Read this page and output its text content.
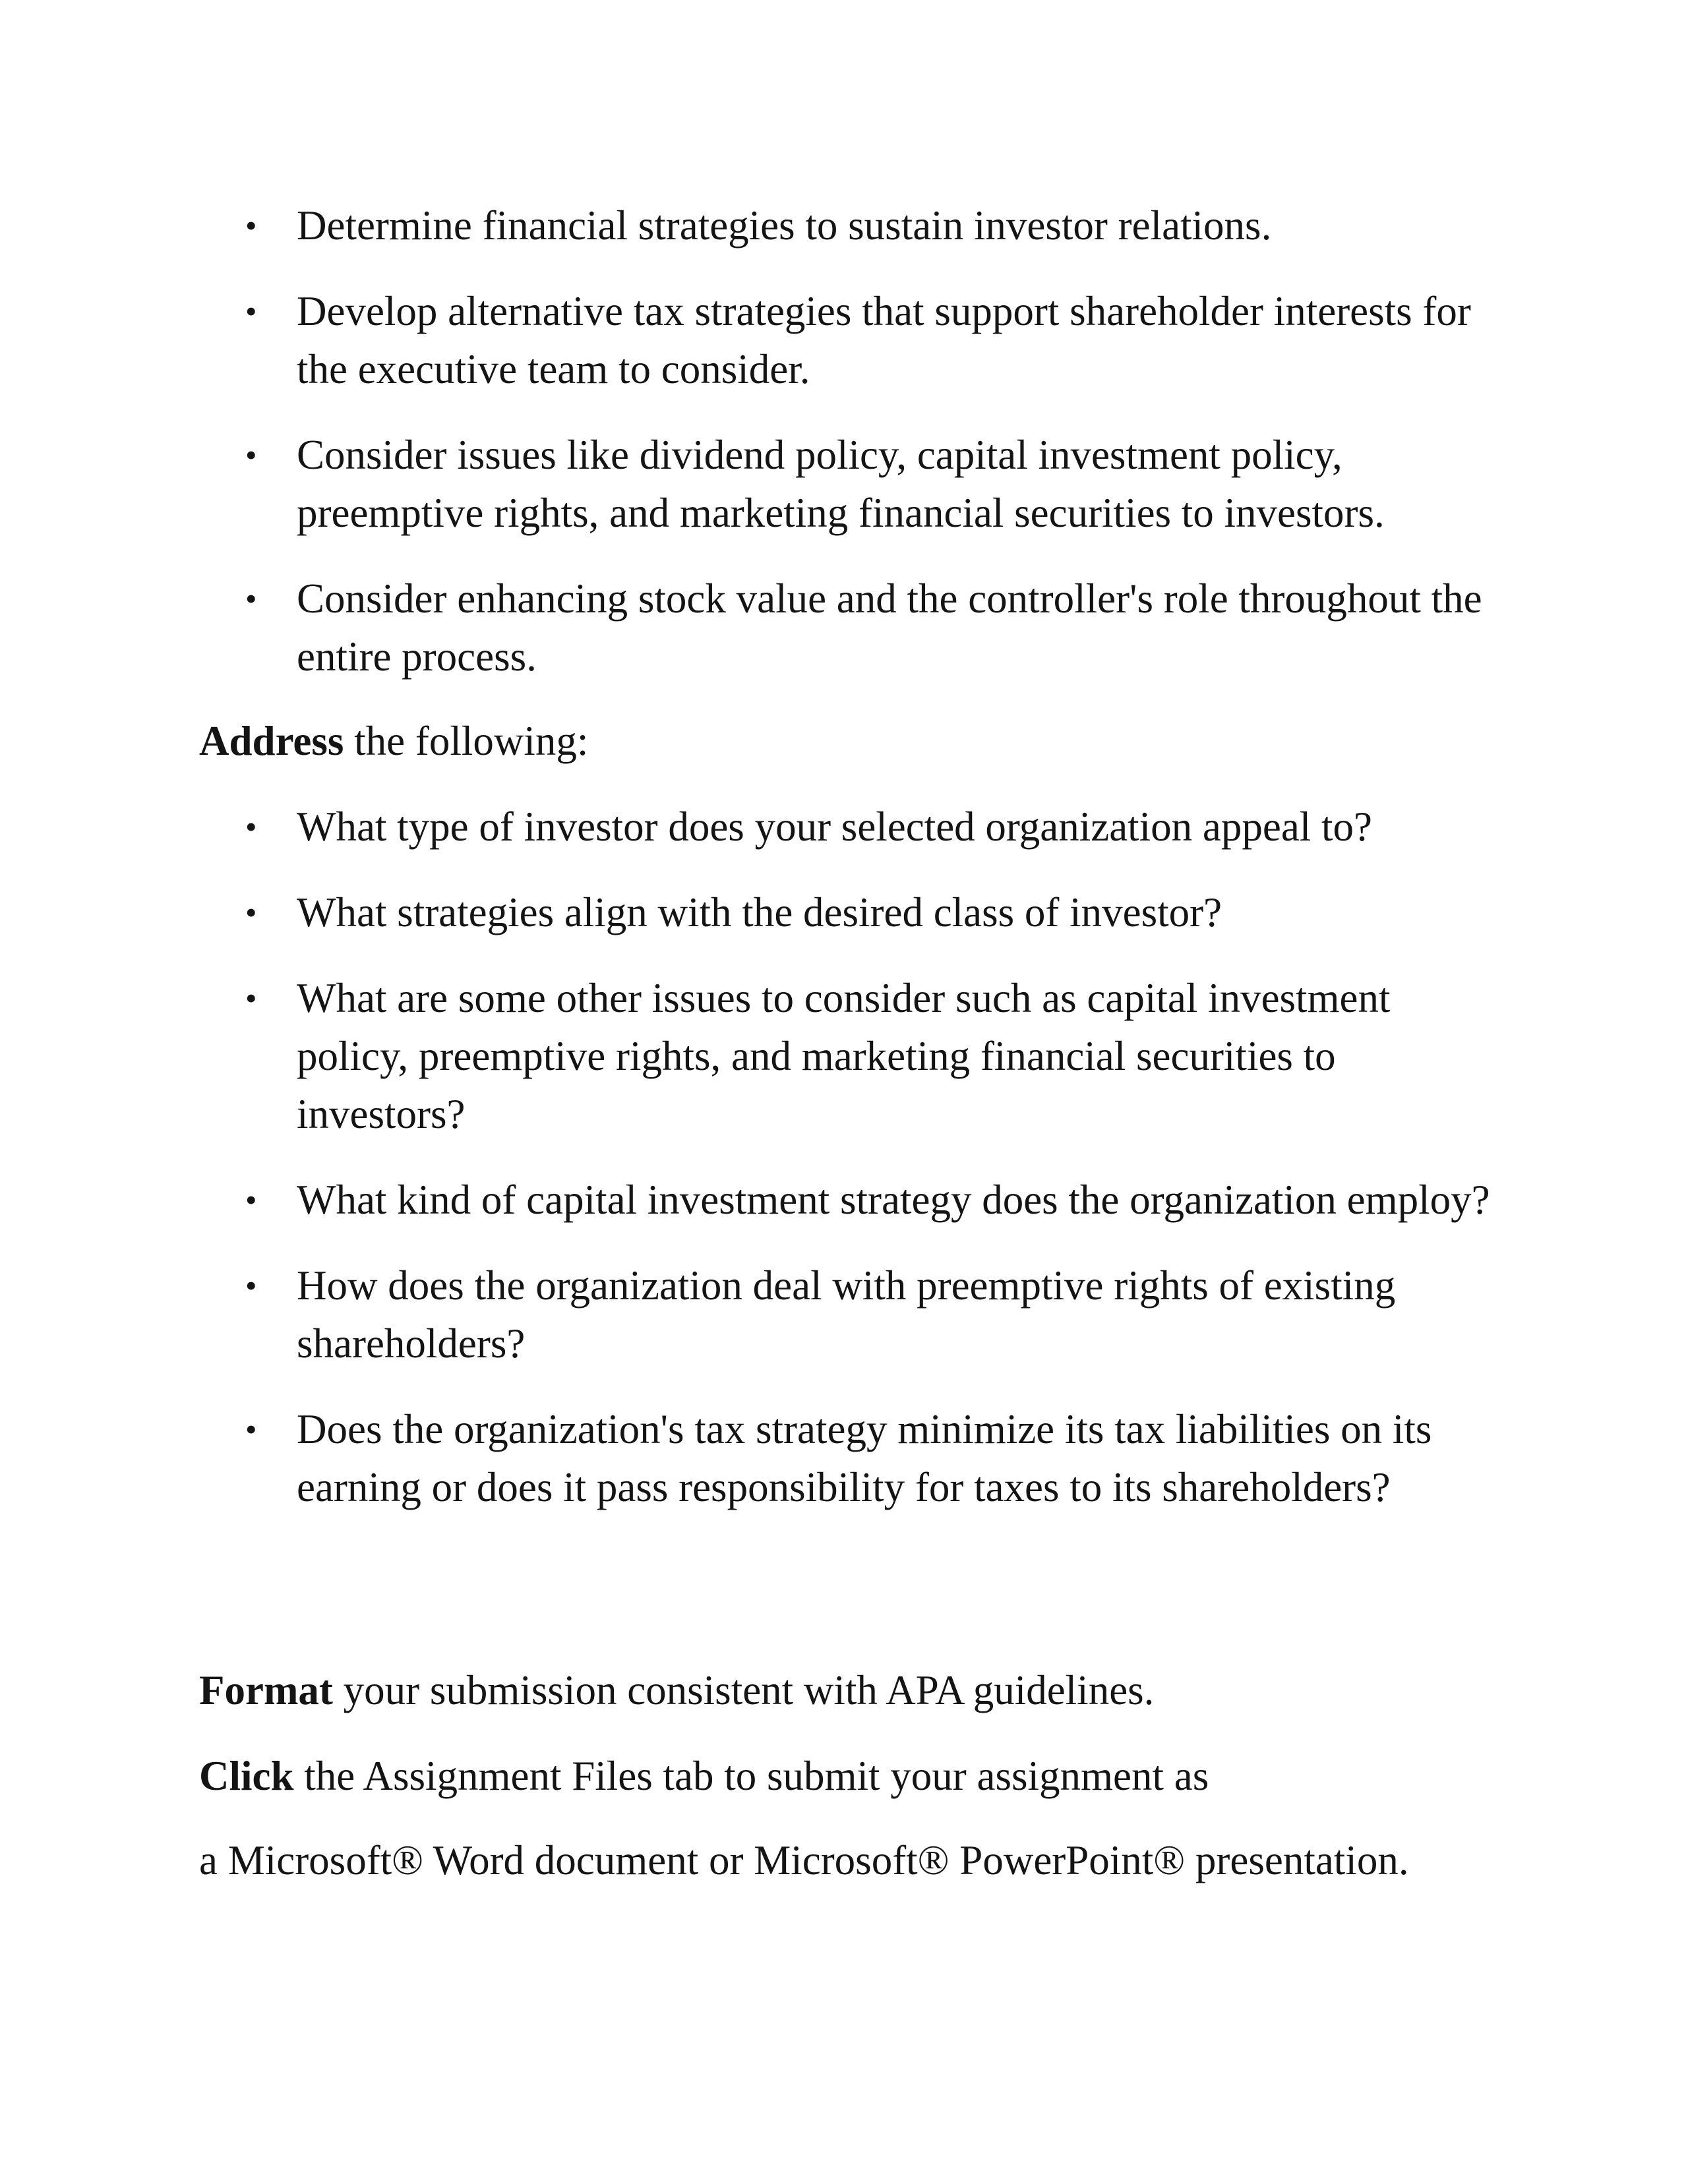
• Determine financial strategies to sustain investor relations.
• Develop alternative tax strategies that support shareholder interests for the executive team to consider.
• Consider issues like dividend policy, capital investment policy, preemptive rights, and marketing financial securities to investors.
• Consider enhancing stock value and the controller's role throughout the entire process.

Address the following:

• What type of investor does your selected organization appeal to?
• What strategies align with the desired class of investor?
• What are some other issues to consider such as capital investment policy, preemptive rights, and marketing financial securities to investors?
• What kind of capital investment strategy does the organization employ?
• How does the organization deal with preemptive rights of existing shareholders?
• Does the organization's tax strategy minimize its tax liabilities on its earning or does it pass responsibility for taxes to its shareholders?

Format your submission consistent with APA guidelines.

Click the Assignment Files tab to submit your assignment as

a Microsoft® Word document or Microsoft® PowerPoint® presentation.
